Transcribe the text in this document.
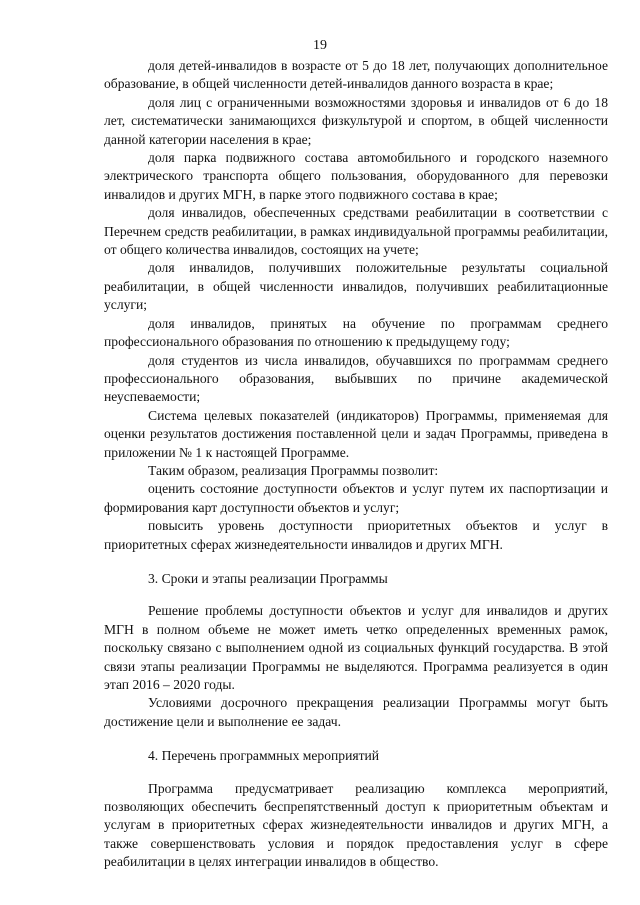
19

доля детей-инвалидов в возрасте от 5 до 18 лет, получающих дополнительное образование, в общей численности детей-инвалидов данного возраста в крае;

доля лиц с ограниченными возможностями здоровья и инвалидов от 6 до 18 лет, систематически занимающихся физкультурой и спортом, в общей численности данной категории населения в крае;

доля парка подвижного состава автомобильного и городского наземного электрического транспорта общего пользования, оборудованного для перевозки инвалидов и других МГН, в парке этого подвижного состава в крае;

доля инвалидов, обеспеченных средствами реабилитации в соответствии с Перечнем средств реабилитации, в рамках индивидуальной программы реабилитации, от общего количества инвалидов, состоящих на учете;

доля инвалидов, получивших положительные результаты социальной реабилитации, в общей численности инвалидов, получивших реабилитационные услуги;

доля инвалидов, принятых на обучение по программам среднего профессионального образования по отношению к предыдущему году;

доля студентов из числа инвалидов, обучавшихся по программам среднего профессионального образования, выбывших по причине академической неуспеваемости;

Система целевых показателей (индикаторов) Программы, применяемая для оценки результатов достижения поставленной цели и задач Программы, приведена в приложении № 1 к настоящей Программе.

Таким образом, реализация Программы позволит:

оценить состояние доступности объектов и услуг путем их паспортизации и формирования карт доступности объектов и услуг;

повысить уровень доступности приоритетных объектов и услуг в приоритетных сферах жизнедеятельности инвалидов и других МГН.

3. Сроки и этапы реализации Программы

Решение проблемы доступности объектов и услуг для инвалидов и других МГН в полном объеме не может иметь четко определенных временных рамок, поскольку связано с выполнением одной из социальных функций государства. В этой связи этапы реализации Программы не выделяются. Программа реализуется в один этап 2016 – 2020 годы.

Условиями досрочного прекращения реализации Программы могут быть достижение цели и выполнение ее задач.

4. Перечень программных мероприятий

Программа предусматривает реализацию комплекса мероприятий, позволяющих обеспечить беспрепятственный доступ к приоритетным объектам и услугам в приоритетных сферах жизнедеятельности инвалидов и других МГН, а также совершенствовать условия и порядок предоставления услуг в сфере реабилитации в целях интеграции инвалидов в общество.
